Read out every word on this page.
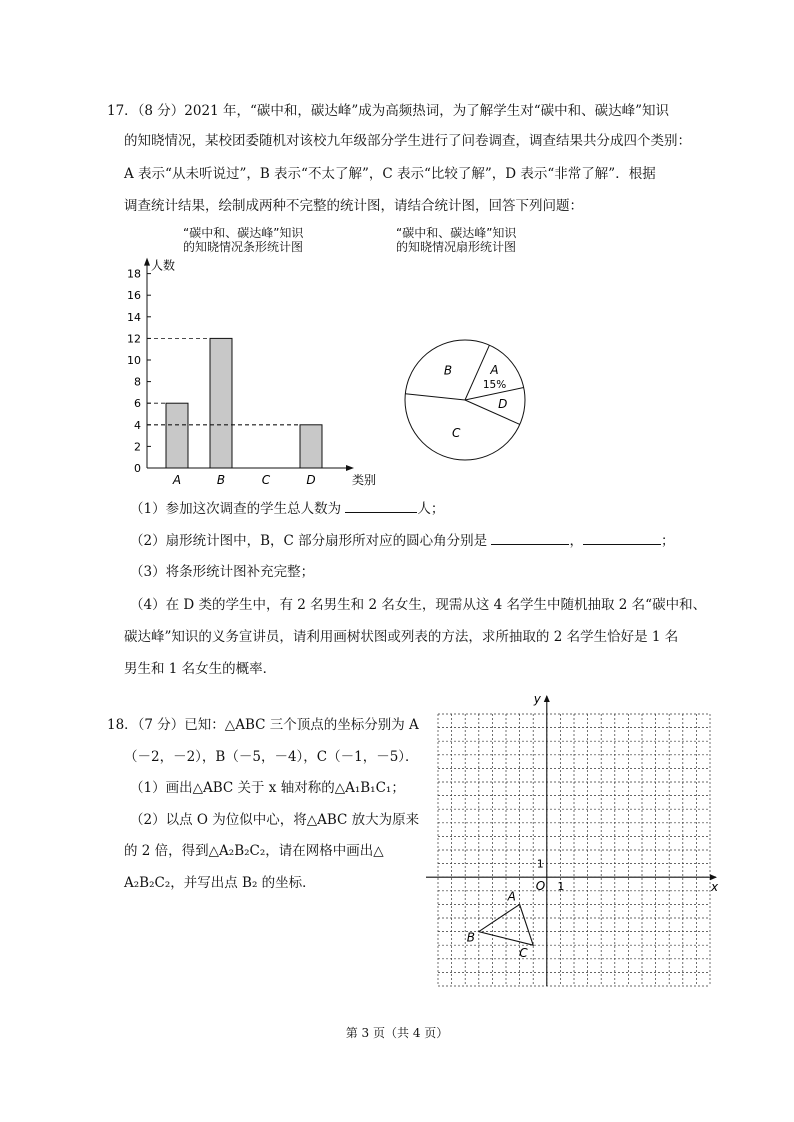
17．（8 分）2021 年，“碳中和，碳达峰”成为高频热词，为了解学生对“碳中和、碳达峰”知识
的知晓情况，某校团委随机对该校九年级部分学生进行了问卷调查，调查结果共分成四个类别：
A 表示“从未听说过”，B 表示“不太了解”，C 表示“比较了解”，D 表示“非常了解”．根据
调查统计结果，绘制成两种不完整的统计图，请结合统计图，回答下列问题：
“碳中和、碳达峰”知识
的知晓情况条形统计图
“碳中和、碳达峰”知识
的知晓情况扇形统计图
人数
类别
0
2
4
6
8
10
12
14
16
18
A	B	C	D
A
15%
D
C
B
（1）参加这次调查的学生总人数为	人；
（2）扇形统计图中，B，C 部分扇形所对应的圆心角分别是	，	；
（3）将条形统计图补充完整；
（4）在 D 类的学生中，有 2 名男生和 2 名女生，现需从这 4 名学生中随机抽取 2 名“碳中和、
碳达峰”知识的义务宣讲员，请利用画树状图或列表的方法，求所抽取的 2 名学生恰好是 1 名
男生和 1 名女生的概率．
18．（7 分）已知：△ABC 三个顶点的坐标分别为 A
（－2，－2），B（－5，－4），C（－1，－5）．
（1）画出△ABC 关于 x 轴对称的△A₁B₁C₁；
（2）以点 O 为位似中心，将△ABC 放大为原来
的 2 倍，得到△A₂B₂C₂，请在网格中画出△
A₂B₂C₂，并写出点 B₂ 的坐标．	x
y
O 1
1
A
B
C
第 3 页（共 4 页）
